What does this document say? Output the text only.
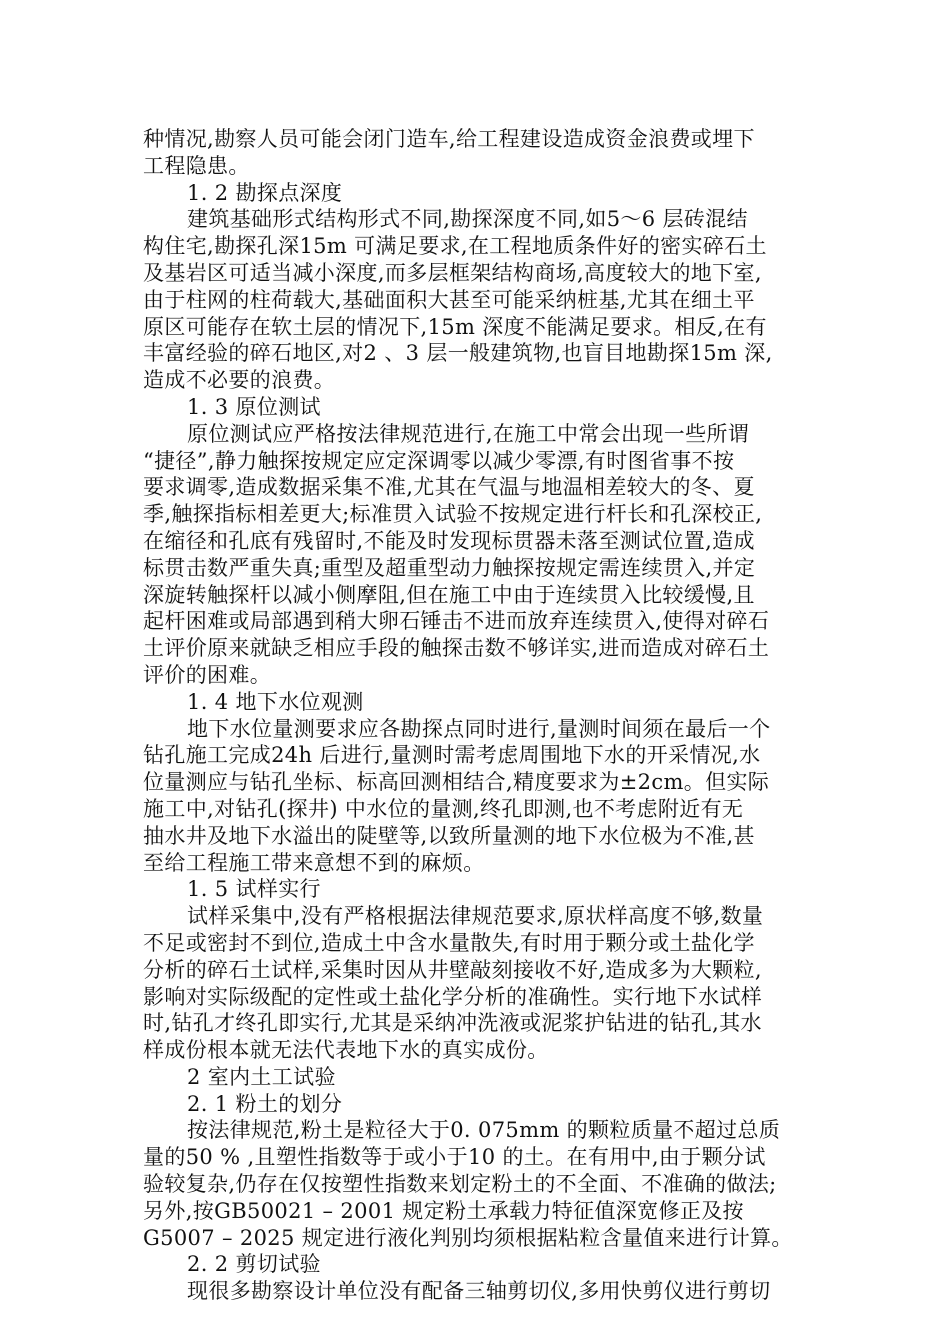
种情况,勘察人员可能会闭门造车,给工程建设造成资金浪费或埋下
工程隐患。
1. 2 勘探点深度
建筑基础形式结构形式不同,勘探深度不同,如5～6 层砖混结
构住宅,勘探孔深15m 可满足要求,在工程地质条件好的密实碎石土
及基岩区可适当减小深度,而多层框架结构商场,高度较大的地下室,
由于柱网的柱荷载大,基础面积大甚至可能采纳桩基,尤其在细土平
原区可能存在软土层的情况下,15m 深度不能满足要求。相反,在有
丰富经验的碎石地区,对2 、3 层一般建筑物,也盲目地勘探15m 深,
造成不必要的浪费。
1. 3 原位测试
原位测试应严格按法律规范进行,在施工中常会出现一些所谓
“捷径”,静力触探按规定应定深调零以减少零漂,有时图省事不按
要求调零,造成数据采集不准,尤其在气温与地温相差较大的冬、夏
季,触探指标相差更大;标准贯入试验不按规定进行杆长和孔深校正,
在缩径和孔底有残留时,不能及时发现标贯器未落至测试位置,造成
标贯击数严重失真;重型及超重型动力触探按规定需连续贯入,并定
深旋转触探杆以减小侧摩阻,但在施工中由于连续贯入比较缓慢,且
起杆困难或局部遇到稍大卵石锤击不进而放弃连续贯入,使得对碎石
土评价原来就缺乏相应手段的触探击数不够详实,进而造成对碎石土
评价的困难。
1. 4 地下水位观测
地下水位量测要求应各勘探点同时进行,量测时间须在最后一个
钻孔施工完成24h 后进行,量测时需考虑周围地下水的开采情况,水
位量测应与钻孔坐标、标高回测相结合,精度要求为±2cm。但实际
施工中,对钻孔(探井) 中水位的量测,终孔即测,也不考虑附近有无
抽水井及地下水溢出的陡壁等,以致所量测的地下水位极为不准,甚
至给工程施工带来意想不到的麻烦。
1. 5 试样实行
试样采集中,没有严格根据法律规范要求,原状样高度不够,数量
不足或密封不到位,造成土中含水量散失,有时用于颗分或土盐化学
分析的碎石土试样,采集时因从井壁敲刻接收不好,造成多为大颗粒,
影响对实际级配的定性或土盐化学分析的准确性。实行地下水试样
时,钻孔才终孔即实行,尤其是采纳冲洗液或泥浆护钻进的钻孔,其水
样成份根本就无法代表地下水的真实成份。
2 室内土工试验
2. 1 粉土的划分
按法律规范,粉土是粒径大于0. 075mm 的颗粒质量不超过总质
量的50 % ,且塑性指数等于或小于10 的土。在有用中,由于颗分试
验较复杂,仍存在仅按塑性指数来划定粉土的不全面、不准确的做法;
另外,按GB50021 – 2001 规定粉土承载力特征值深宽修正及按
G5007 – 2025 规定进行液化判别均须根据粘粒含量值来进行计算。
2. 2 剪切试验
现很多勘察设计单位没有配备三轴剪切仪,多用快剪仪进行剪切
